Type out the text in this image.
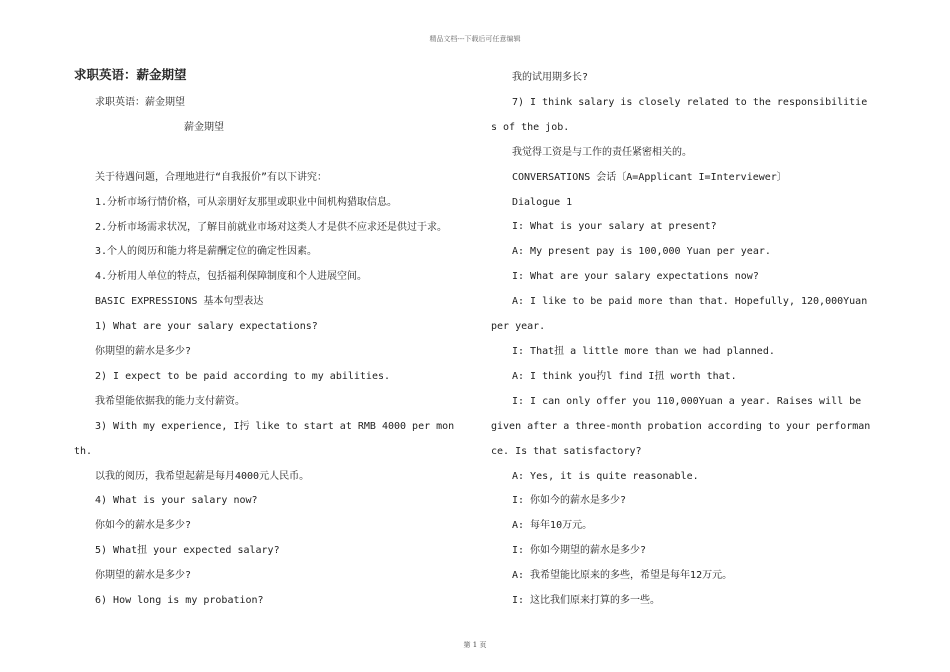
精品文档---下载后可任意编辑
求职英语：薪金期望

求职英语：薪金期望

薪金期望

关于待遇问题，合理地进行“自我报价”有以下讲究：

1.分析市场行情价格，可从亲朋好友那里或职业中间机构猎取信息。

2.分析市场需求状况，了解目前就业市场对这类人才是供不应求还是供过于求。

3.个人的阅历和能力将是薪酬定位的确定性因素。

4.分析用人单位的特点，包括福利保障制度和个人进展空间。

BASIC EXPRESSIONS 基本句型表达

1) What are your salary expectations?

你期望的薪水是多少?

2) I expect to be paid according to my abilities.

我希望能依据我的能力支付薪资。

3) With my experience, I扝 like to start at RMB 4000 per month.

以我的阅历，我希望起薪是每月4000元人民币。

4) What is your salary now?

你如今的薪水是多少?

5) What扭 your expected salary?

你期望的薪水是多少?

6) How long is my probation?

我的试用期多长?

7) I think salary is closely related to the responsibilities of the job.

我觉得工资是与工作的责任紧密相关的。

CONVERSATIONS 会话〔A=Applicant I=Interviewer〕

Dialogue 1

I: What is your salary at present?

A: My present pay is 100,000 Yuan per year.

I: What are your salary expectations now?

A: I like to be paid more than that. Hopefully, 120,000Yuan per year.

I: That扭 a little more than we had planned.

A: I think you扚l find I扭 worth that.

I: I can only offer you 110,000Yuan a year. Raises will be given after a three-month probation according to your performance. Is that satisfactory?

A: Yes, it is quite reasonable.

I: 你如今的薪水是多少?

A: 每年10万元。

I: 你如今期望的薪水是多少?

A: 我希望能比原来的多些，希望是每年12万元。

I: 这比我们原来打算的多一些。

第 1 页
